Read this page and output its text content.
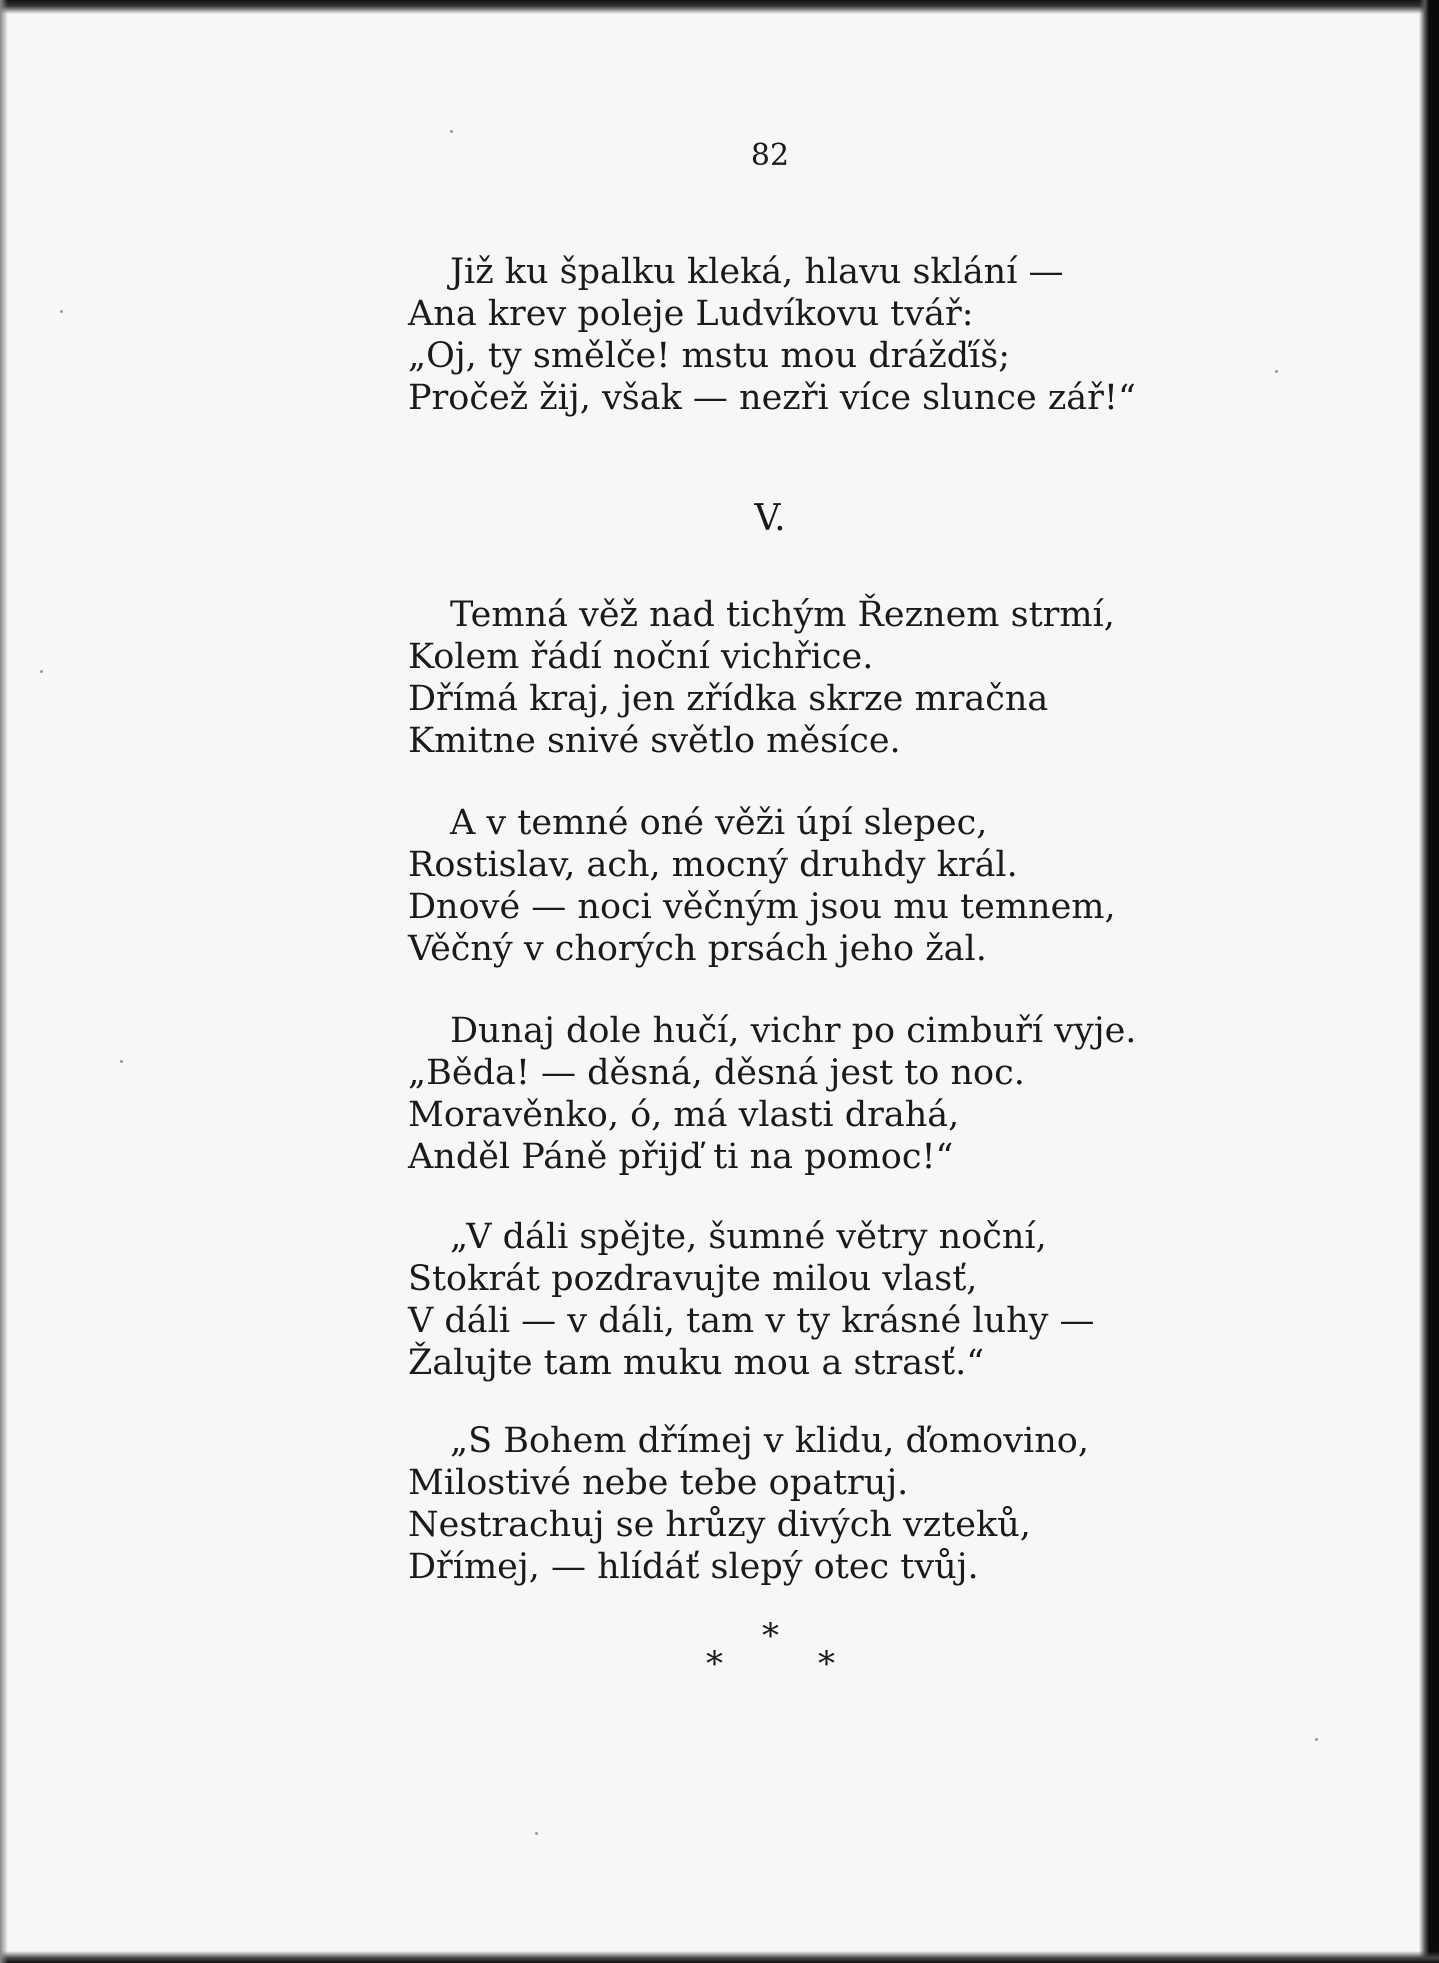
82
Již ku špalku kleká, hlavu sklání —
Ana krev poleje Ludvíkovu tvář:
„Oj, ty smělče! mstu mou drážďíš;
Pročež žij, však — nezři více slunce zář!“
V.
Temná věž nad tichým Řeznem strmí,
Kolem řádí noční vichřice.
Dřímá kraj, jen zřídka skrze mračna
Kmitne snivé světlo měsíce.
A v temné oné věži úpí slepec,
Rostislav, ach, mocný druhdy král.
Dnové — noci věčným jsou mu temnem,
Věčný v chorých prsách jeho žal.
Dunaj dole hučí, vichr po cimbuří vyje.
„Běda! — děsná, děsná jest to noc.
Moravěnko, ó, má vlasti drahá,
Anděl Páně přijď ti na pomoc!“
„V dáli spějte, šumné větry noční,
Stokrát pozdravujte milou vlasť,
V dáli — v dáli, tam v ty krásné luhy —
Žalujte tam muku mou a strasť.“
„S Bohem dřímej v klidu, ďomovino,
Milostivé nebe tebe opatruj.
Nestrachuj se hrůzy divých vzteků,
Dřímej, — hlídáť slepý otec tvůj.
*
*	*
